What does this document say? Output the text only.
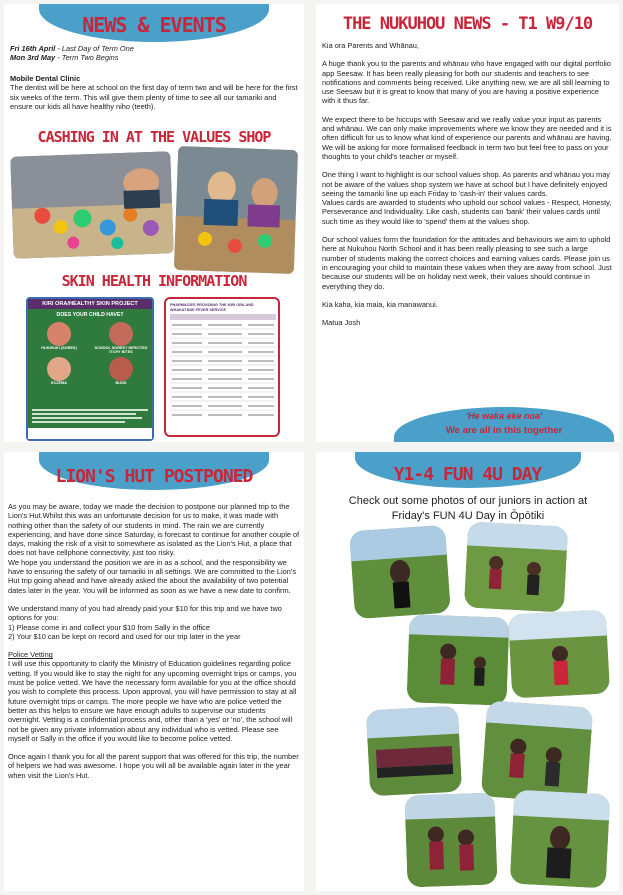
NEWS & EVENTS

Fri 16th April - Last Day of Term One

Mon 3rd May - Term Two Begins

Mobile Dental Clinic

The dentist will be here at school on the first day of term two and will be here for the first six weeks of the term. This will give them plenty of time to see all our tamariki and ensure our kids all have healthy niho (teeth).

CASHING IN AT THE VALUES SHOP
SKIN HEALTH INFORMATION
KIRI ORA/HEALTHY SKIN PROJECT
DOES YOUR CHILD HAVE?
HUKIHUKI (SORES)	SCHOOL SORES? INFECTED ITCHY BITES
ECZEMA	BUGS
PHARMACIES PROVIDING THE KIRI ORA AND WHAKATĀNE FEVER SERVICE
THE NUKUHOU NEWS - T1 W9/10

Kia ora Parents and Whānau,

A huge thank you to the parents and whānau who have engaged with our digital portfolio app Seesaw. It has been really pleasing for both our students and teachers to see notifications and comments being received. Like anything new, we are all still learning to use Seesaw but it is great to know that many of you are having a positive experience with it thus far.

We expect there to be hiccups with Seesaw and we really value your input as parents and whānau. We can only make improvements where we know they are needed and it is often difficult for us to know what kind of experience our parents and whānau are having. We will be asking for more formalised feedback in term two but feel free to pass on your thoughts to your child's teacher or myself.

One thing I want to highlight is our school values shop. As parents and whānau you may not be aware of the values shop system we have at school but I have definitely enjoyed seeing the tamariki line up each Friday to 'cash-in' their values cards.
Values cards are awarded to students who uphold our school values - Respect, Honesty, Perseverance and Individuality. Like cash, students can 'bank' their values cards until such time as they would like to 'spend' them at the values shop.

Our school values form the foundation for the attitudes and behaviours we aim to uphold here at Nukuhou North School and it has been really pleasing to see such a large number of students making the correct choices and earning values cards. Please join us in encouraging your child to maintain these values when they are away from school. Just because our students will be on holiday next week, their values should continue in everything they do.

Kia kaha, kia maia, kia manawanui.

Matua Josh

'He waka eke noa'
We are all in this together
LION'S HUT POSTPONED

As you may be aware, today we made the decision to postpone our planned trip to the Lion's Hut.Whilst this was an unfortunate decision for us to make, it was made with nothing other than the safety of our students in mind. The rain we are currently experiencing, and have done since Saturday, is forecast to continue for another couple of days, making the risk of a visit to somewhere as isolated as the Lion's Hut, a place that does not have cellphone connectivity, just too risky.

We hope you understand the position we are in as a school, and the responsibility we have to ensuring the safety of our tamariki in all settings. We are committed to the Lion's Hut trip going ahead and have already asked the about the availability of two potential dates later in the year. You will be informed as soon as we have a new date to confirm.

We understand many of you had already paid your $10 for this trip and we have two options for you:
1) Please come in and collect your $10 from Sally in the office
2) Your $10 can be kept on record and used for our trip later in the year

Police Vetting

I will use this opportunity to clarify the Ministry of Education guidelines regarding police vetting. If you would like to stay the night for any upcoming overnight trips or camps, you must be police vetted. We have the necessary form available for you at the office should you wish to complete this process. Upon approval, you will have permission to stay at all future overnight trips or camps. The more people we have who are police vetted the better as this helps to ensure we have enough adults to supervise our students overnight. Vetting is a confidential process and, other than a 'yes' or 'no', the school will not be given any private information about any individual who is vetted. Please see myself or Sally in the office if you would like to become police vetted.

Once again I thank you for all the parent support that was offered for this trip, the number of helpers we had was awesome. I hope you will all be available again later in the year when visit the Lion's Hut.

Y1-4 FUN 4U DAY
Check out some photos of our juniors in action at Friday's FUN 4U Day in Ōpōtiki
